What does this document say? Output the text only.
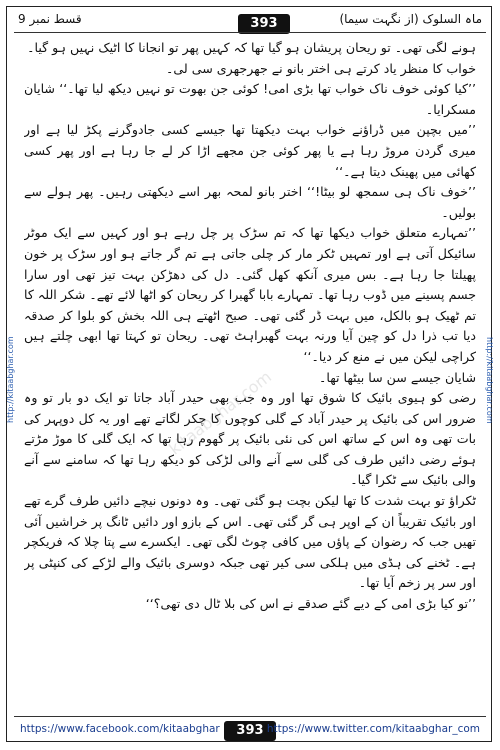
ماہ السلوک (از نگہت سیما)
393
قسط نمبر 9
http://kitaabghar.com	http://kitaabghar.com

ہونے لگی تھی۔ تو ریحان پریشان ہو گیا تھا کہ کہیں پھر تو انجانا کا اٹیک نہیں ہو گیا۔

خواب کا منظر یاد کرتے ہی اختر بانو نے جھرجھری سی لی۔

’’کیا کوئی خوف ناک خواب تھا بڑی امی! کوئی جن بھوت تو نہیں دیکھ لیا تھا۔‘‘ شایان مسکرایا۔

’’میں بچپن میں ڈراؤنے خواب بہت دیکھتا تھا جیسے کسی جادوگرنے پکڑ لیا ہے اور میری گردن مروڑ رہا ہے یا پھر کوئی جن مجھے اڑا کر لے جا رہا ہے اور پھر کسی کھائی میں پھینک دیتا ہے۔‘‘

’’خوف ناک ہی سمجھ لو بیٹا!‘‘ اختر بانو لمحہ بھر اسے دیکھتی رہیں۔ پھر ہولے سے بولیں۔

’’تمہارے متعلق خواب دیکھا تھا کہ تم سڑک پر چل رہے ہو اور کہیں سے ایک موٹر سائیکل آتی ہے اور تمہیں ٹکر مار کر چلی جاتی ہے تم گر جاتے ہو اور سڑک پر خون پھیلتا جا رہا ہے۔ بس میری آنکھ کھل گئی۔ دل کی دھڑکن بہت تیز تھی اور سارا جسم پسینے میں ڈوب رہا تھا۔ تمہارے بابا گھبرا کر ریحان کو اٹھا لائے تھے۔ شکر اللہ کا تم ٹھیک ہو بالکل، میں بہت ڈر گئی تھی۔ صبح اٹھتے ہی اللہ بخش کو بلوا کر صدقہ دیا تب ذرا دل کو چین آیا ورنہ بہت گھبراہٹ تھی۔ ریحان تو کہتا تھا ابھی چلتے ہیں کراچی لیکن میں نے منع کر دیا۔‘‘

شایان جیسے سن سا بیٹھا تھا۔

رضی کو ہیوی بائیک کا شوق تھا اور وہ جب بھی حیدر آباد جاتا تو ایک دو بار تو وہ ضرور اس کی بائیک پر حیدر آباد کے گلی کوچوں کا چکر لگاتے تھے اور یہ کل دوپہر کی بات تھی وہ اس کے ساتھ اس کی نئی بائیک پر گھوم رہا تھا کہ ایک گلی کا موڑ مڑتے ہوئے رضی دائیں طرف کی گلی سے آنے والی لڑکی کو دیکھ رہا تھا کہ سامنے سے آنے والی بائیک سے ٹکرا گیا۔

ٹکراؤ تو بہت شدت کا تھا لیکن بچت ہو گئی تھی۔ وہ دونوں نیچے دائیں طرف گرے تھے اور بائیک تقریباً ان کے اوپر ہی گر گئی تھی۔ اس کے بازو اور دائیں ٹانگ پر خراشیں آئی تھیں جب کہ رضوان کے پاؤں میں کافی چوٹ لگی تھی۔ ایکسرے سے پتا چلا کہ فریکچر ہے۔ ٹخنے کی ہڈی میں ہلکی سی کیر تھی جبکہ دوسری بائیک والے لڑکے کی کنپٹی پر اور سر پر زخم آیا تھا۔

’’تو کیا بڑی امی کے دیے گئے صدقے نے اس کی بلا ٹال دی تھی؟‘‘

kitaabghar.com
https://www.facebook.com/kitaabghar	393 https://www.twitter.com/kitaabghar_com
